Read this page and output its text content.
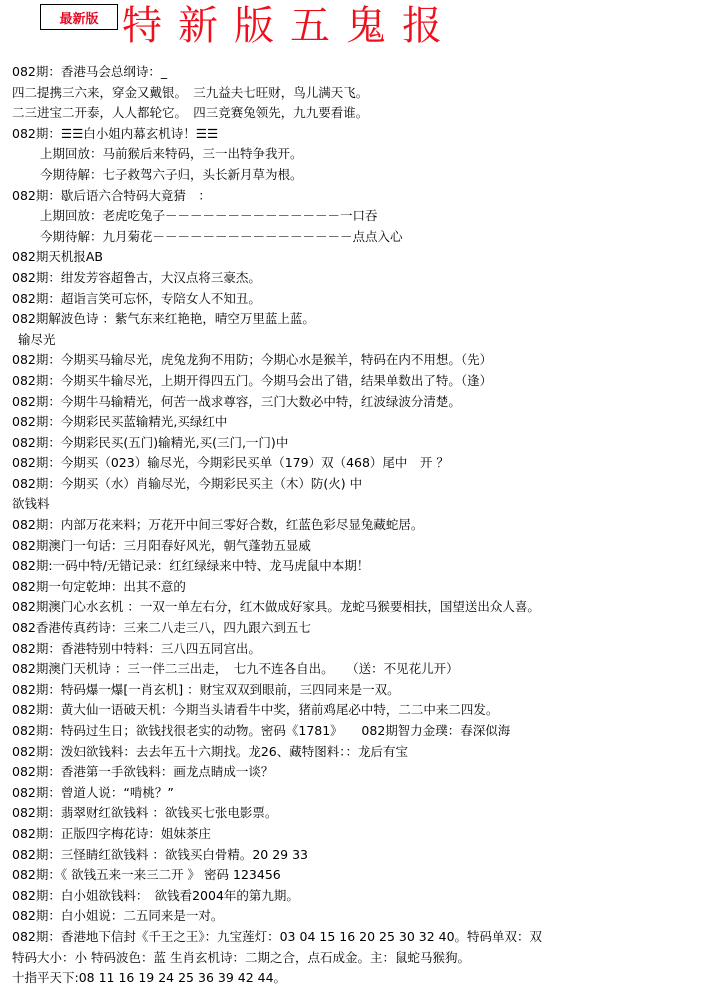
最新版 特新版五鬼报
082期：香港马会总纲诗：_
四二提携三六来，穿金又戴银。　三九益夫七旺财，鸟儿满天飞。
二三进宝二开泰，人人都轮它。　四三竞赛兔领先，九九要看谁。
082期：☰☰白小姐内幕玄机诗！☰☰
上期回放：马前猴后来特码，三一出特争我开。
今期待解：七子救驾六子归，头长新月草为根。
082期：歇后语六合特码大竟猜　：
上期回放：老虎吃兔子－－－－－－－－－－－－－－一口吞
今期待解：九月菊花－－－－－－－－－－－－－－－－点点入心
082期天机报AB
082期：绀发芳容超鲁古，大汉点将三豪杰。
082期：超诣言笑可忘怀，专陪女人不知丑。
082期解波色诗 ：紫气东来红艳艳，晴空万里蓝上蓝。
输尽光
082期：今期买马输尽光，虎兔龙狗不用防；今期心水是猴羊，特码在内不用想。（先）
082期：今期买牛输尽光，上期开得四五门。今期马会出了错，结果单数出了特。（逢）
082期：今期牛马输精光，何苦一战求尊容，三门大数必中特，红波绿波分清楚。
082期：今期彩民买蓝输精光,买绿红中
082期：今期彩民买(五门)输精光,买(三门,一门)中
082期：今期买（023）输尽光，今期彩民买单（179）双（468）尾中　开 ？
082期：今期买（水）肖输尽光，今期彩民买主（木）防(火) 中
欲钱料
082期：内部万花来料；万花开中间三零好合数，红蓝色彩尽显兔藏蛇居。
082期澳门一句话：三月阳春好风光，朝气蓬勃五显威
082期:一码中特/无错记录：红红绿绿来中特、龙马虎鼠中本期！
082期一句定乾坤：出其不意的
082期澳门心水玄机 ：一双一单左右分，红木做成好家具。龙蛇马猴要相扶，国望送出众人喜。
082香港传真药诗：三来二八走三八，四九跟六到五七
082期：香港特别中特料：三八四五同宫出。
082期澳门天机诗 ：三一伴二三出走，　七九不连各自出。　　（送：不见花儿开）
082期：特码爆一爆[一肖玄机] ：财宝双双到眼前，三四同来是一双。
082期：黄大仙一语破天机：今期当头请看牛中奖，猪前鸡尾必中特，二二中来二四发。
082期：特码过生日；欲钱找很老实的动物。密码《1781》　　082期智力金璞：春深似海
082期：泼妇欲钱料：去去年五十六期找。龙26、藏特图料：：龙后有宝
082期：香港第一手欲钱料：画龙点睛成一谈？
082期：曾道人说：“啃桃？”
082期：翡翠财红欲钱料 ：欲钱买七张电影票。
082期：正版四字梅花诗：姐妹茶庄
082期：三怪睛红欲钱料 ：欲钱买白骨精。20 29 33
082期：《 欲钱五来一来三二开 》 密码 123456
082期：白小姐欲钱料：　欲钱看2004年的第九期。
082期：白小姐说：二五同来是一对。
082期：香港地下信封《千王之王》：九宝莲灯：03 04 15 16 20 25 30 32 40。特码单双：双
特码大小：小 特码波色：蓝 生肖玄机诗：二期之合，点石成金。主：鼠蛇马猴狗。
十指平天下:08 11 16 19 24 25 36 39 42 44。
